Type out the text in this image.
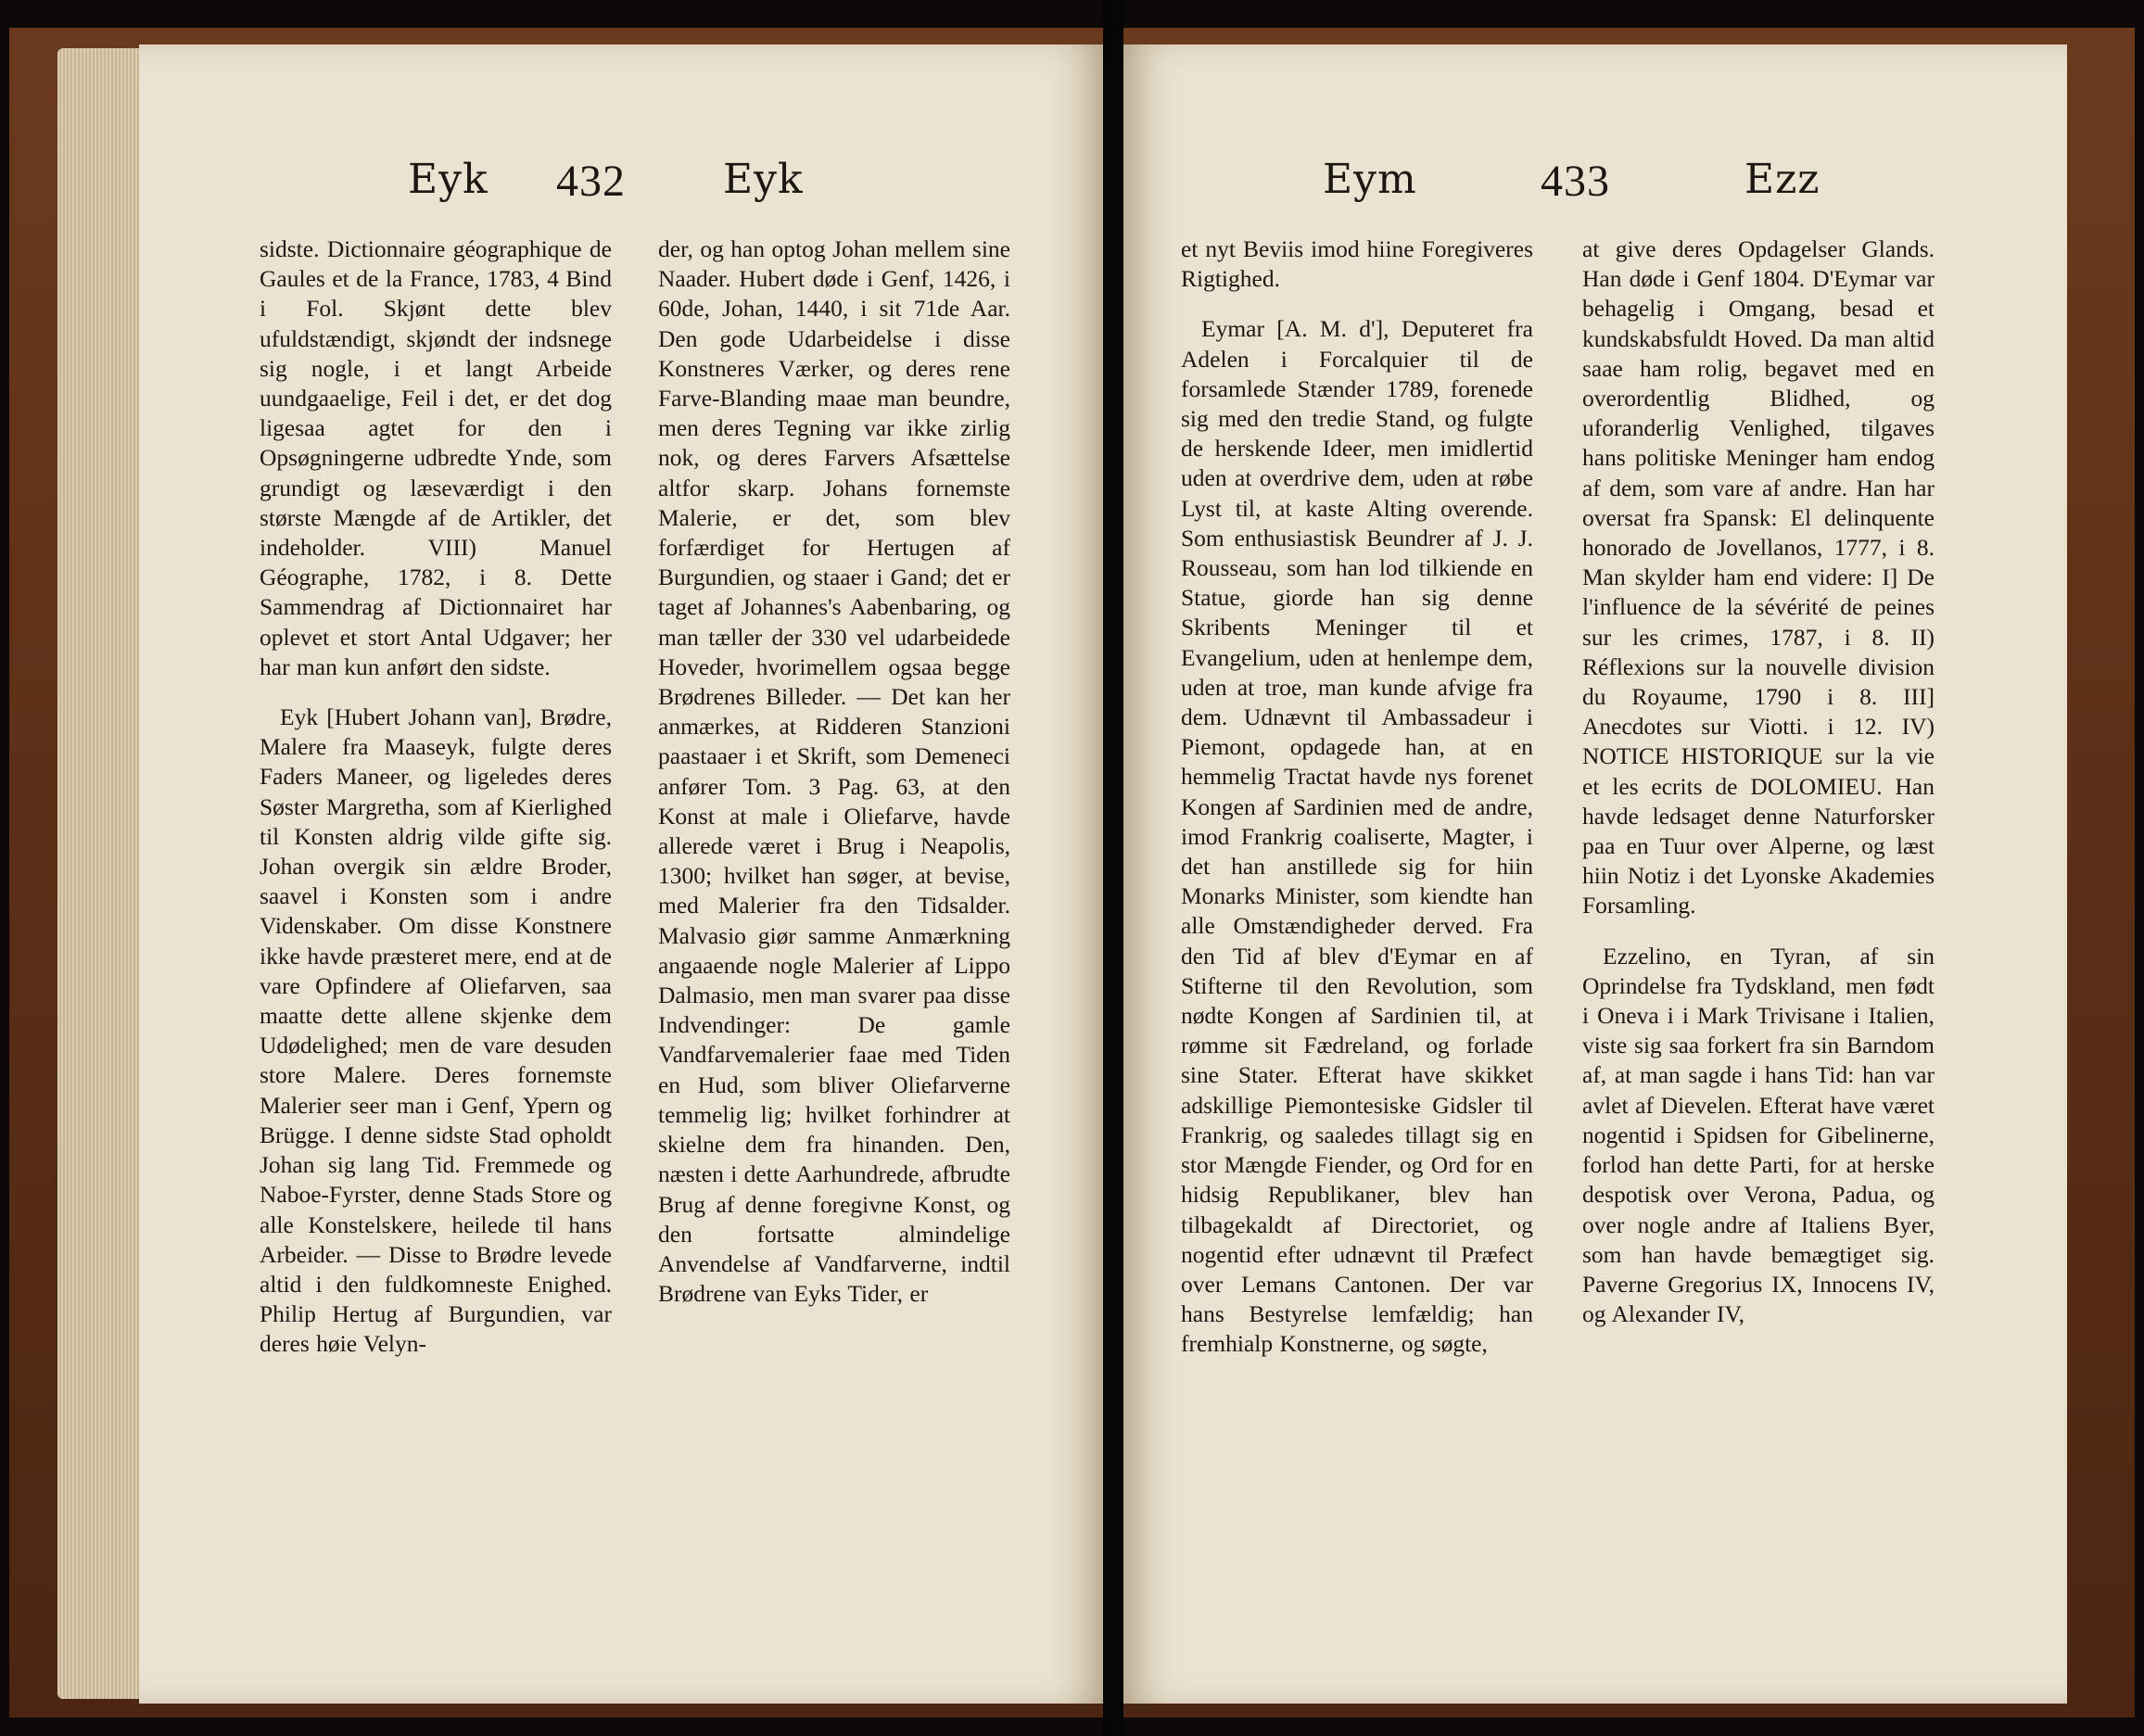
Eyk 432 Eyk

sidste. Dictionnaire géographique de Gaules et de la France, 1783, 4 Bind i Fol. Skjønt dette blev ufuldstændigt, skjøndt der indsnege sig nogle, i et langt Arbeide uundgaaelige, Feil i det, er det dog ligesaa agtet for den i Opsøgningerne udbredte Ynde, som grundigt og læseværdigt i den største Mængde af de Artikler, det indeholder. VIII) Manuel Géographe, 1782, i 8. Dette Sammendrag af Dictionnairet har oplevet et stort Antal Udgaver; her har man kun anført den sidste.

Eyk [Hubert Johann van], Brødre, Malere fra Maaseyk, fulgte deres Faders Maneer, og ligeledes deres Søster Margretha, som af Kierlighed til Konsten aldrig vilde gifte sig. Johan overgik sin ældre Broder, saavel i Konsten som i andre Videnskaber. Om disse Konstnere ikke havde præsteret mere, end at de vare Opfindere af Oliefarven, saa maatte dette allene skjenke dem Udødelighed; men de vare desuden store Malere. Deres fornemste Malerier seer man i Genf, Ypern og Brügge. I denne sidste Stad opholdt Johan sig lang Tid. Fremmede og Naboe-Fyrster, denne Stads Store og alle Konstelskere, heilede til hans Arbeider. — Disse to Brødre levede altid i den fuldkomneste Enighed. Philip Hertug af Burgundien, var deres høie Velyn-

der, og han optog Johan mellem sine Naader. Hubert døde i Genf, 1426, i 60de, Johan, 1440, i sit 71de Aar. Den gode Udarbeidelse i disse Konstneres Værker, og deres rene Farve-Blanding maae man beundre, men deres Tegning var ikke zirlig nok, og deres Farvers Afsættelse altfor skarp. Johans fornemste Malerie, er det, som blev forfærdiget for Hertugen af Burgundien, og staaer i Gand; det er taget af Johannes's Aabenbaring, og man tæller der 330 vel udarbeidede Hoveder, hvorimellem ogsaa begge Brødrenes Billeder. — Det kan her anmærkes, at Ridderen Stanzioni paastaaer i et Skrift, som Demeneci anfører Tom. 3 Pag. 63, at den Konst at male i Oliefarve, havde allerede været i Brug i Neapolis, 1300; hvilket han søger, at bevise, med Malerier fra den Tidsalder. Malvasio giør samme Anmærkning angaaende nogle Malerier af Lippo Dalmasio, men man svarer paa disse Indvendinger: De gamle Vandfarvemalerier faae med Tiden en Hud, som bliver Oliefarverne temmelig lig; hvilket forhindrer at skielne dem fra hinanden. Den, næsten i dette Aarhundrede, afbrudte Brug af denne foregivne Konst, og den fortsatte almindelige Anvendelse af Vandfarverne, indtil Brødrene van Eyks Tider, er

Eym	433	Ezz

et nyt Beviis imod hiine Foregiveres Rigtighed.

Eymar [A. M. d'], Deputeret fra Adelen i Forcalquier til de forsamlede Stænder 1789, forenede sig med den tredie Stand, og fulgte de herskende Ideer, men imidlertid uden at overdrive dem, uden at røbe Lyst til, at kaste Alting overende. Som enthusiastisk Beundrer af J. J. Rousseau, som han lod tilkiende en Statue, giorde han sig denne Skribents Meninger til et Evangelium, uden at henlempe dem, uden at troe, man kunde afvige fra dem. Udnævnt til Ambassadeur i Piemont, opdagede han, at en hemmelig Tractat havde nys forenet Kongen af Sardinien med de andre, imod Frankrig coaliserte, Magter, i det han anstillede sig for hiin Monarks Minister, som kiendte han alle Omstændigheder derved. Fra den Tid af blev d'Eymar en af Stifterne til den Revolution, som nødte Kongen af Sardinien til, at rømme sit Fædreland, og forlade sine Stater. Efterat have skikket adskillige Piemontesiske Gidsler til Frankrig, og saaledes tillagt sig en stor Mængde Fiender, og Ord for en hidsig Republikaner, blev han tilbagekaldt af Directoriet, og nogentid efter udnævnt til Præfect over Lemans Cantonen. Der var hans Bestyrelse lemfældig; han fremhialp Konstnerne, og søgte,

at give deres Opdagelser Glands. Han døde i Genf 1804. D'Eymar var behagelig i Omgang, besad et kundskabsfuldt Hoved. Da man altid saae ham rolig, begavet med en overordentlig Blidhed, og uforanderlig Venlighed, tilgaves hans politiske Meninger ham endog af dem, som vare af andre. Han har oversat fra Spansk: El delinquente honorado de Jovellanos, 1777, i 8. Man skylder ham end videre: I] De l'influence de la sévérité de peines sur les crimes, 1787, i 8. II) Réflexions sur la nouvelle division du Royaume, 1790 i 8. III] Anecdotes sur Viotti. i 12. IV) NOTICE HISTORIQUE sur la vie et les ecrits de DOLOMIEU. Han havde ledsaget denne Naturforsker paa en Tuur over Alperne, og læst hiin Notiz i det Lyonske Akademies Forsamling.

Ezzelino, en Tyran, af sin Oprindelse fra Tydskland, men født i Oneva i i Mark Trivisane i Italien, viste sig saa forkert fra sin Barndom af, at man sagde i hans Tid: han var avlet af Dievelen. Efterat have været nogentid i Spidsen for Gibelinerne, forlod han dette Parti, for at herske despotisk over Verona, Padua, og over nogle andre af Italiens Byer, som han havde bemægtiget sig. Paverne Gregorius IX, Innocens IV, og Alexander IV,
